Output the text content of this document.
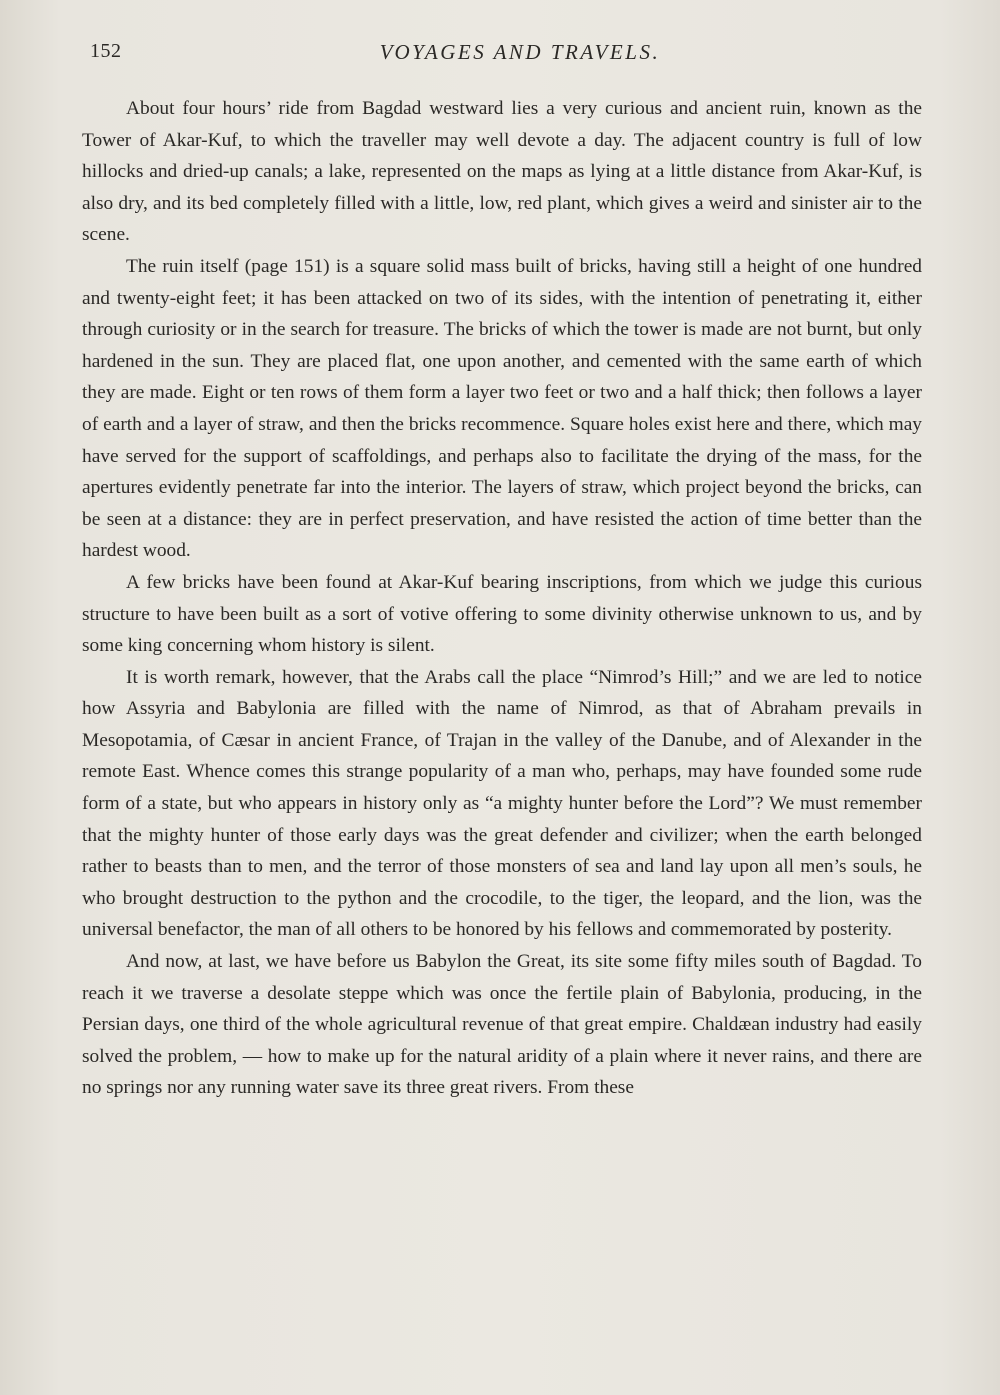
152	VOYAGES AND TRAVELS.

About four hours’ ride from Bagdad westward lies a very curious and ancient ruin, known as the Tower of Akar-Kuf, to which the traveller may well devote a day. The adjacent country is full of low hillocks and dried-up canals; a lake, represented on the maps as lying at a little distance from Akar-Kuf, is also dry, and its bed completely filled with a little, low, red plant, which gives a weird and sinister air to the scene.

The ruin itself (page 151) is a square solid mass built of bricks, having still a height of one hundred and twenty-eight feet; it has been attacked on two of its sides, with the intention of penetrating it, either through curiosity or in the search for treasure. The bricks of which the tower is made are not burnt, but only hardened in the sun. They are placed flat, one upon another, and cemented with the same earth of which they are made. Eight or ten rows of them form a layer two feet or two and a half thick; then follows a layer of earth and a layer of straw, and then the bricks recommence. Square holes exist here and there, which may have served for the support of scaffoldings, and perhaps also to facilitate the drying of the mass, for the apertures evidently penetrate far into the interior. The layers of straw, which project beyond the bricks, can be seen at a distance: they are in perfect preservation, and have resisted the action of time better than the hardest wood.

A few bricks have been found at Akar-Kuf bearing inscriptions, from which we judge this curious structure to have been built as a sort of votive offering to some divinity otherwise unknown to us, and by some king concerning whom history is silent.

It is worth remark, however, that the Arabs call the place “Nimrod’s Hill;” and we are led to notice how Assyria and Babylonia are filled with the name of Nimrod, as that of Abraham prevails in Mesopotamia, of Cæsar in ancient France, of Trajan in the valley of the Danube, and of Alexander in the remote East. Whence comes this strange popularity of a man who, perhaps, may have founded some rude form of a state, but who appears in history only as “a mighty hunter before the Lord”? We must remember that the mighty hunter of those early days was the great defender and civilizer; when the earth belonged rather to beasts than to men, and the terror of those monsters of sea and land lay upon all men’s souls, he who brought destruction to the python and the crocodile, to the tiger, the leopard, and the lion, was the universal benefactor, the man of all others to be honored by his fellows and commemorated by posterity.

And now, at last, we have before us Babylon the Great, its site some fifty miles south of Bagdad. To reach it we traverse a desolate steppe which was once the fertile plain of Babylonia, producing, in the Persian days, one third of the whole agricultural revenue of that great empire. Chaldæan industry had easily solved the problem, — how to make up for the natural aridity of a plain where it never rains, and there are no springs nor any running water save its three great rivers. From these
